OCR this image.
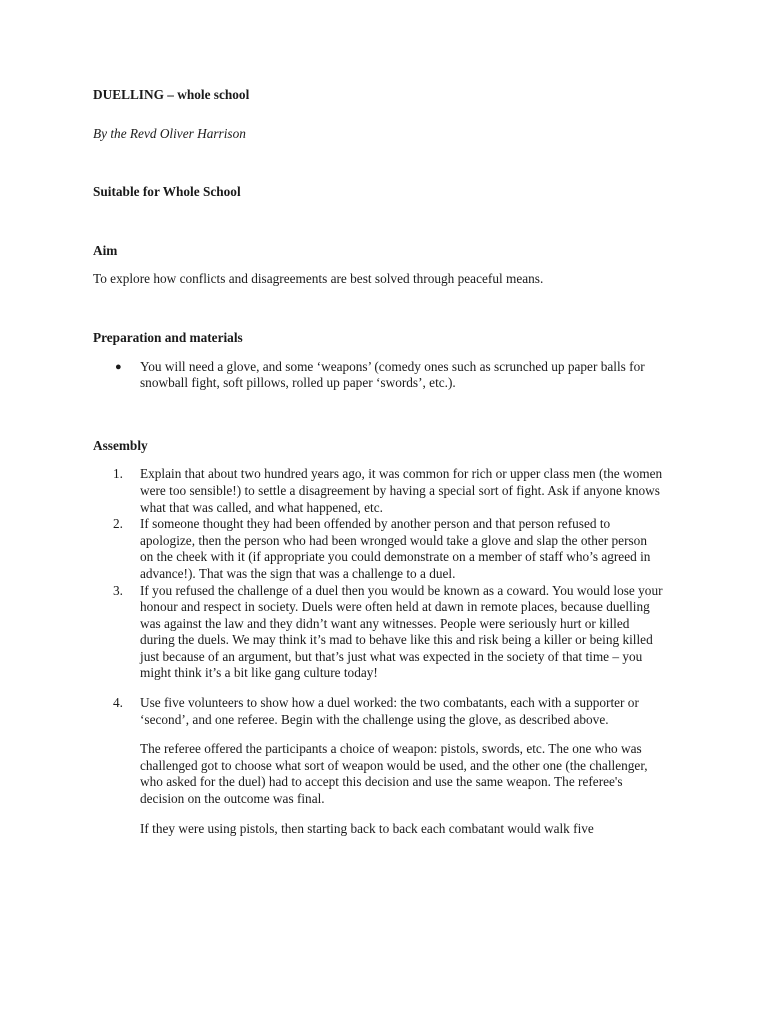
DUELLING – whole school

By the Revd Oliver Harrison

Suitable for Whole School

Aim

To explore how conflicts and disagreements are best solved through peaceful means.

Preparation and materials

● You will need a glove, and some ‘weapons’ (comedy ones such as scrunched up paper balls for snowball fight, soft pillows, rolled up paper ‘swords’, etc.).

Assembly

1. Explain that about two hundred years ago, it was common for rich or upper class men (the women were too sensible!) to settle a disagreement by having a special sort of fight. Ask if anyone knows what that was called, and what happened, etc.

2. If someone thought they had been offended by another person and that person refused to apologize, then the person who had been wronged would take a glove and slap the other person on the cheek with it (if appropriate you could demonstrate on a member of staff who’s agreed in advance!). That was the sign that was a challenge to a duel.

3. If you refused the challenge of a duel then you would be known as a coward. You would lose your honour and respect in society. Duels were often held at dawn in remote places, because duelling was against the law and they didn’t want any witnesses. People were seriously hurt or killed during the duels. We may think it’s mad to behave like this and risk being a killer or being killed just because of an argument, but that’s just what was expected in the society of that time – you might think it’s a bit like gang culture today!

4. Use five volunteers to show how a duel worked: the two combatants, each with a supporter or ‘second’, and one referee. Begin with the challenge using the glove, as described above.

The referee offered the participants a choice of weapon: pistols, swords, etc. The one who was challenged got to choose what sort of weapon would be used, and the other one (the challenger, who asked for the duel) had to accept this decision and use the same weapon. The referee's decision on the outcome was final.

If they were using pistols, then starting back to back each combatant would walk five
